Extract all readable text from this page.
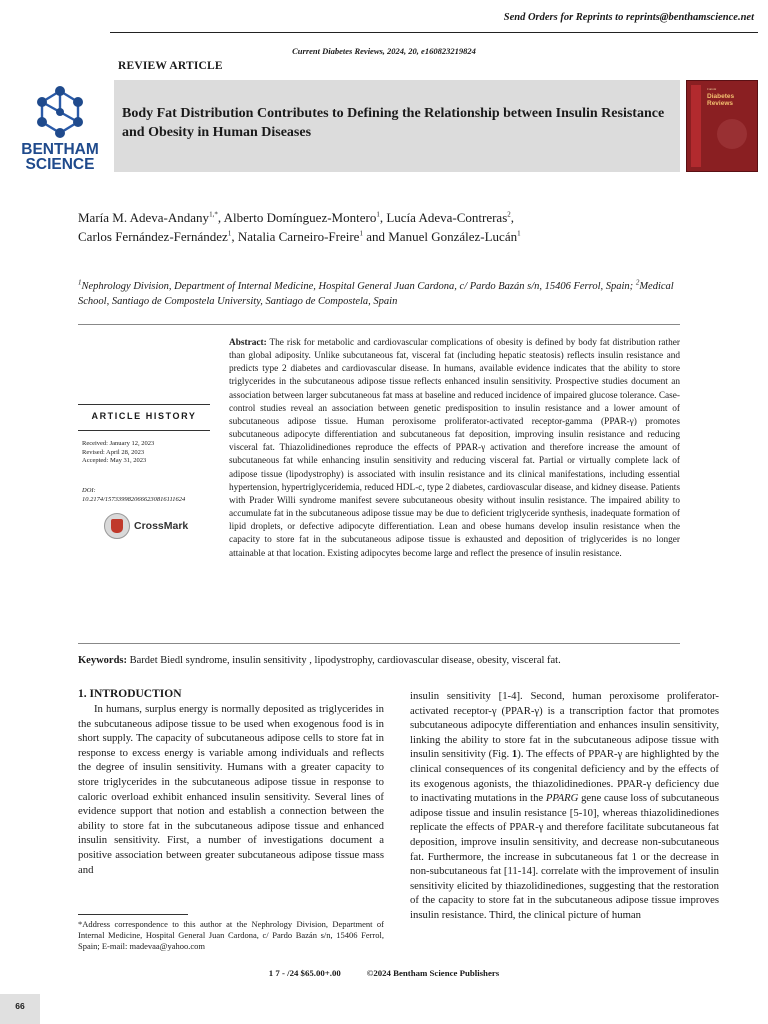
Send Orders for Reprints to reprints@benthamscience.net
Current Diabetes Reviews, 2024, 20, e160823219824
REVIEW ARTICLE
BENTHAM
SCIENCE
Body Fat Distribution Contributes to Defining the Relationship between Insulin Resistance and Obesity in Human Diseases
Current
Diabetes
Reviews
María M. Adeva-Andany$^{1,*}$, Alberto Domínguez-Montero$^1$, Lucía Adeva-Contreras$^2$,
Carlos Fernández-Fernández$^1$, Natalia Carneiro-Freire$^1$ and Manuel González-Lucán$^1$
$^1$Nephrology Division, Department of Internal Medicine, Hospital General Juan Cardona, c/ Pardo Bazán s/n, 15406 Ferrol, Spain; $^2$Medical School, Santiago de Compostela University, Santiago de Compostela, Spain
ARTICLE HISTORY
Received: January 12, 2023
Revised: April 28, 2023
Accepted: May 31, 2023
DOI:
10.2174/1573399820666230816111624
CrossMark
Abstract: The risk for metabolic and cardiovascular complications of obesity is defined by body fat distribution rather than global adiposity. Unlike subcutaneous fat, visceral fat (including hepatic steatosis) reflects insulin resistance and predicts type 2 diabetes and cardiovascular disease. In humans, available evidence indicates that the ability to store triglycerides in the subcutaneous adipose tissue reflects enhanced insulin sensitivity. Prospective studies document an association between larger subcutaneous fat mass at baseline and reduced incidence of impaired glucose tolerance. Case-control studies reveal an association between genetic predisposition to insulin resistance and a lower amount of subcutaneous adipose tissue. Human peroxisome proliferator-activated receptor-gamma (PPAR-γ) promotes subcutaneous adipocyte differentiation and subcutaneous fat deposition, improving insulin resistance and reducing visceral fat. Thiazolidinediones reproduce the effects of PPAR-γ activation and therefore increase the amount of subcutaneous fat while enhancing insulin sensitivity and reducing visceral fat. Partial or virtually complete lack of adipose tissue (lipodystrophy) is associated with insulin resistance and its clinical manifestations, including essential hypertension, hypertriglyceridemia, reduced HDL-c, type 2 diabetes, cardiovascular disease, and kidney disease. Patients with Prader Willi syndrome manifest severe subcutaneous obesity without insulin resistance. The impaired ability to accumulate fat in the subcutaneous adipose tissue may be due to deficient triglyceride synthesis, inadequate formation of lipid droplets, or defective adipocyte differentiation. Lean and obese humans develop insulin resistance when the capacity to store fat in the subcutaneous adipose tissue is exhausted and deposition of triglycerides is no longer attainable at that location. Existing adipocytes become large and reflect the presence of insulin resistance.
Keywords: Bardet Biedl syndrome, insulin sensitivity , lipodystrophy, cardiovascular disease, obesity, visceral fat.
1. INTRODUCTION
In humans, surplus energy is normally deposited as triglycerides in the subcutaneous adipose tissue to be used when exogenous food is in short supply. The capacity of subcutaneous adipose cells to store fat in response to excess energy is variable among individuals and reflects the degree of insulin sensitivity. Humans with a greater capacity to store triglycerides in the subcutaneous adipose tissue in response to caloric overload exhibit enhanced insulin sensitivity. Several lines of evidence support that notion and establish a connection between the ability to store fat in the subcutaneous adipose tissue and enhanced insulin sensitivity. First, a number of investigations document a positive association between greater subcutaneous adipose tissue mass and
insulin sensitivity [1-4]. Second, human peroxisome proliferator-activated receptor-γ (PPAR-γ) is a transcription factor that promotes subcutaneous adipocyte differentiation and enhances insulin sensitivity, linking the ability to store fat in the subcutaneous adipose tissue with insulin sensitivity (Fig. 1). The effects of PPAR-γ are highlighted by the clinical consequences of its congenital deficiency and by the effects of its exogenous agonists, the thiazolidinediones. PPAR-γ deficiency due to inactivating mutations in the PPARG gene cause loss of subcutaneous adipose tissue and insulin resistance [5-10], whereas thiazolidinediones replicate the effects of PPAR-γ and therefore facilitate subcutaneous fat deposition, improve insulin sensitivity, and decrease non-subcutaneous fat. Furthermore, the increase in subcutaneous fat 1 or the decrease in non-subcutaneous fat [11-14]. correlate with the improvement of insulin sensitivity elicited by thiazolidinediones, suggesting that the restoration of the capacity to store fat in the subcutaneous adipose tissue improves insulin resistance. Third, the clinical picture of human
*Address correspondence to this author at the Nephrology Division, Department of Internal Medicine, Hospital General Juan Cardona, c/ Pardo Bazán s/n, 15406 Ferrol, Spain; E-mail: madevaa@yahoo.com
1 7 - /24 $65.00+.00	©2024 Bentham Science Publishers
66
